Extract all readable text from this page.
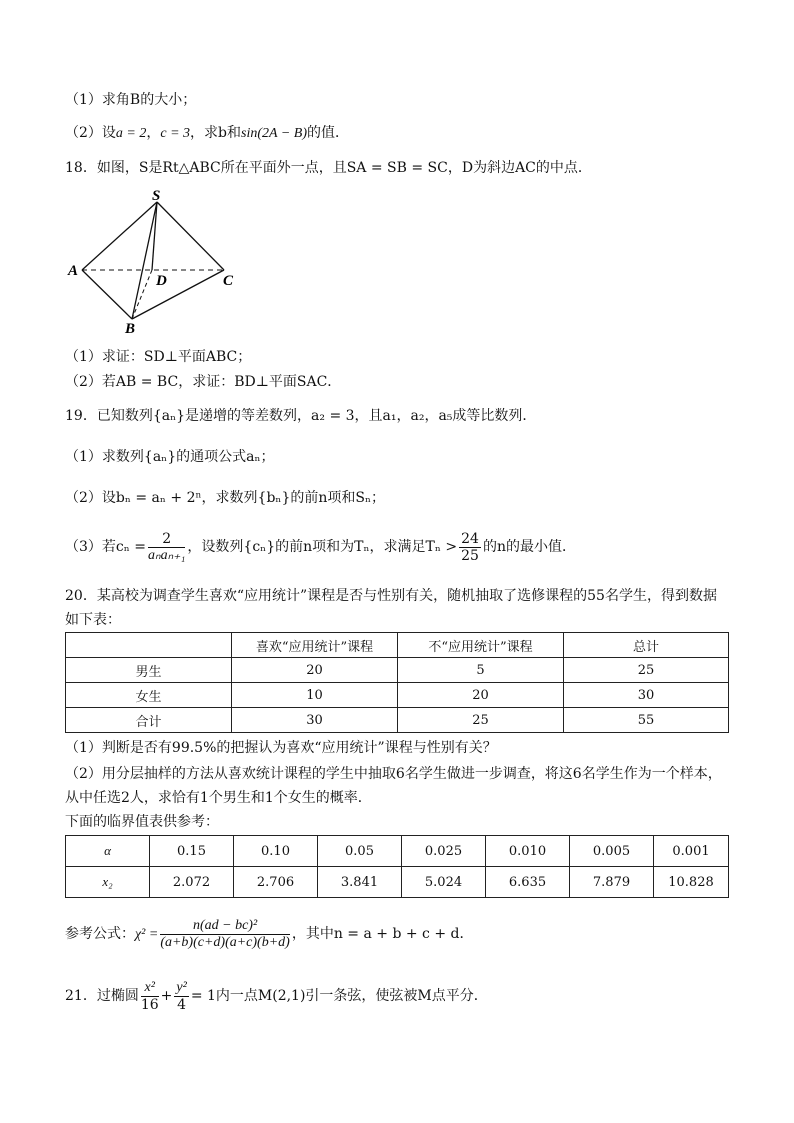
（1）求角B的大小；
（2）设a = 2，c = 3，求b和sin(2A − B)的值．
18．如图，S是Rt△ABC所在平面外一点，且SA = SB = SC，D为斜边AC的中点．
S
A
D	C
B
（1）求证：SD⊥平面ABC；
（2）若AB = BC，求证：BD⊥平面SAC．
19．已知数列{aₙ}是递增的等差数列，a₂ = 3，且a₁，a₂，a₅成等比数列．
（1）求数列{aₙ}的通项公式aₙ；
（2）设bₙ = aₙ + 2ⁿ，求数列{bₙ}的前n项和Sₙ；
（3）若$c_n = \frac{2}{\text{aₙaₙ₊₁}}$ ，设数列{cₙ}的前n项和为Tₙ，求满足$T_n > \frac{24}{25}$ 的n的最小值．
20．某高校为调查学生喜欢“应用统计”课程是否与性别有关，随机抽取了选修课程的55名学生，得到数据
如下表：
	喜欢“应用统计”课程	不“应用统计”课程	总计
男生	20	5	25
女生	10	20	30
合计	30	25	55
（1）判断是否有99.5%的把握认为喜欢“应用统计”课程与性别有关？
（2）用分层抽样的方法从喜欢统计课程的学生中抽取6名学生做进一步调查，将这6名学生作为一个样本，
从中任选2人，求恰有1个男生和1个女生的概率．
下面的临界值表供参考：
α	0.15	0.10	0.05	0.025	0.010	0.005	0.001
x₂	2.072	2.706	3.841	5.024	6.635	7.879	10.828
参考公式：$\chi^2 = \frac{\text{n(ad − bc)²}}{(a+b)(c+d)(a+c)(b+d)}$ ，其中n = a + b + c + d．
21．过椭圆 $\frac{\text{x²}}{16} + \frac{\text{y²}}{4} = 1$内一点M(2,1)引一条弦，使弦被M点平分．
